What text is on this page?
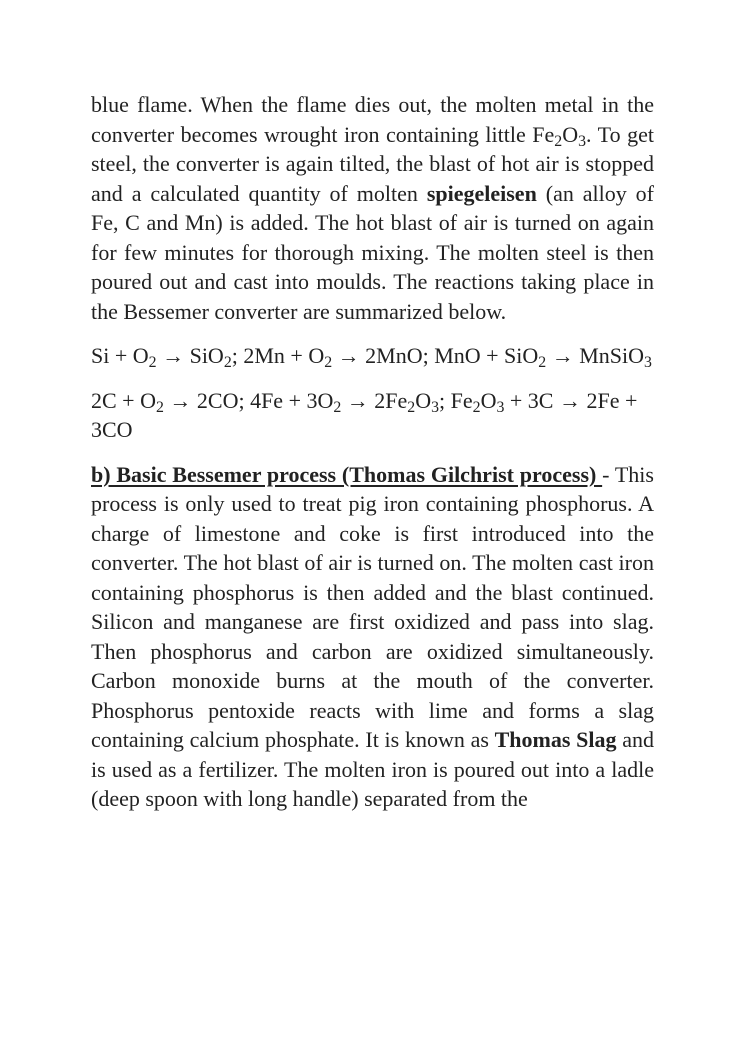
blue flame. When the flame dies out, the molten metal in the converter becomes wrought iron containing little $Fe_2O_3$. To get steel, the converter is again tilted, the blast of hot air is stopped and a calculated quantity of molten spiegeleisen (an alloy of Fe, C and Mn) is added. The hot blast of air is turned on again for few minutes for thorough mixing. The molten steel is then poured out and cast into moulds. The reactions taking place in the Bessemer converter are summarized below.

$Si + O_2 \to SiO_2$; $2Mn + O_2 \to 2MnO$; MnO + SiO$_2$ → MnSiO$_3$

$2C + O_2 \to 2CO$; $4Fe + 3O_2 \to 2Fe_2O_3$; $Fe_2O_3 + 3C \to 2Fe + 3CO$

b) Basic Bessemer process (Thomas Gilchrist process) - This process is only used to treat pig iron containing phosphorus. A charge of limestone and coke is first introduced into the converter. The hot blast of air is turned on. The molten cast iron containing phosphorus is then added and the blast continued. Silicon and manganese are first oxidized and pass into slag. Then phosphorus and carbon are oxidized simultaneously. Carbon monoxide burns at the mouth of the converter. Phosphorus pentoxide reacts with lime and forms a slag containing calcium phosphate. It is known as Thomas Slag and is used as a fertilizer. The molten iron is poured out into a ladle (deep spoon with long handle) separated from the
